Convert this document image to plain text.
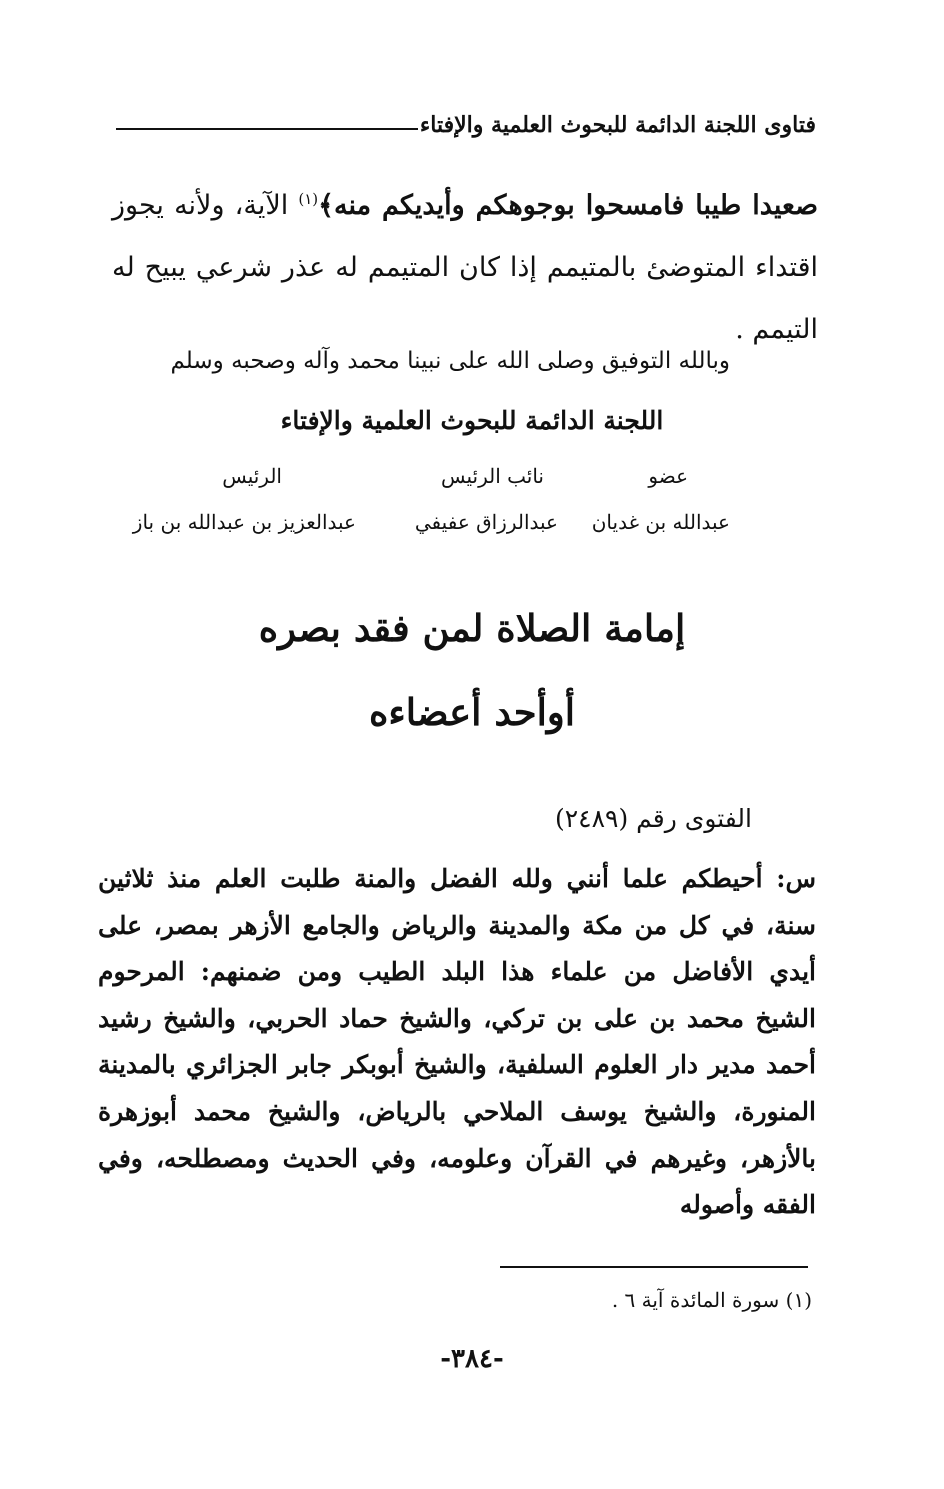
فتاوى اللجنة الدائمة للبحوث العلمية والإفتاء
صعيدا طيبا فامسحوا بوجوهكم وأيديكم منه﴾$^{(١)}$ الآية، ولأنه يجوز اقتداء المتوضئ بالمتيمم إذا كان المتيمم له عذر شرعي يبيح له التيمم .
وبالله التوفيق وصلى الله على نبينا محمد وآله وصحبه وسلم
اللجنة الدائمة للبحوث العلمية والإفتاء
عضو
نائب الرئيس
الرئيس
عبدالله بن غديان
عبدالرزاق عفيفي
عبدالعزيز بن عبدالله بن باز
إمامة الصلاة لمن فقد بصره
أوأحد أعضاءه
الفتوى رقم (٢٤٨٩)
س: أحيطكم علما أنني ولله الفضل والمنة طلبت العلم منذ ثلاثين سنة، في كل من مكة والمدينة والرياض والجامع الأزهر بمصر، على أيدي الأفاضل من علماء هذا البلد الطيب ومن ضمنهم: المرحوم الشيخ محمد بن على بن تركي، والشيخ حماد الحربي، والشيخ رشيد أحمد مدير دار العلوم السلفية، والشيخ أبوبكر جابر الجزائري بالمدينة المنورة، والشيخ يوسف الملاحي بالرياض، والشيخ محمد أبوزهرة بالأزهر، وغيرهم في القرآن وعلومه، وفي الحديث ومصطلحه، وفي الفقه وأصوله
(١) سورة المائدة آية ٦ .
-٣٨٤-
